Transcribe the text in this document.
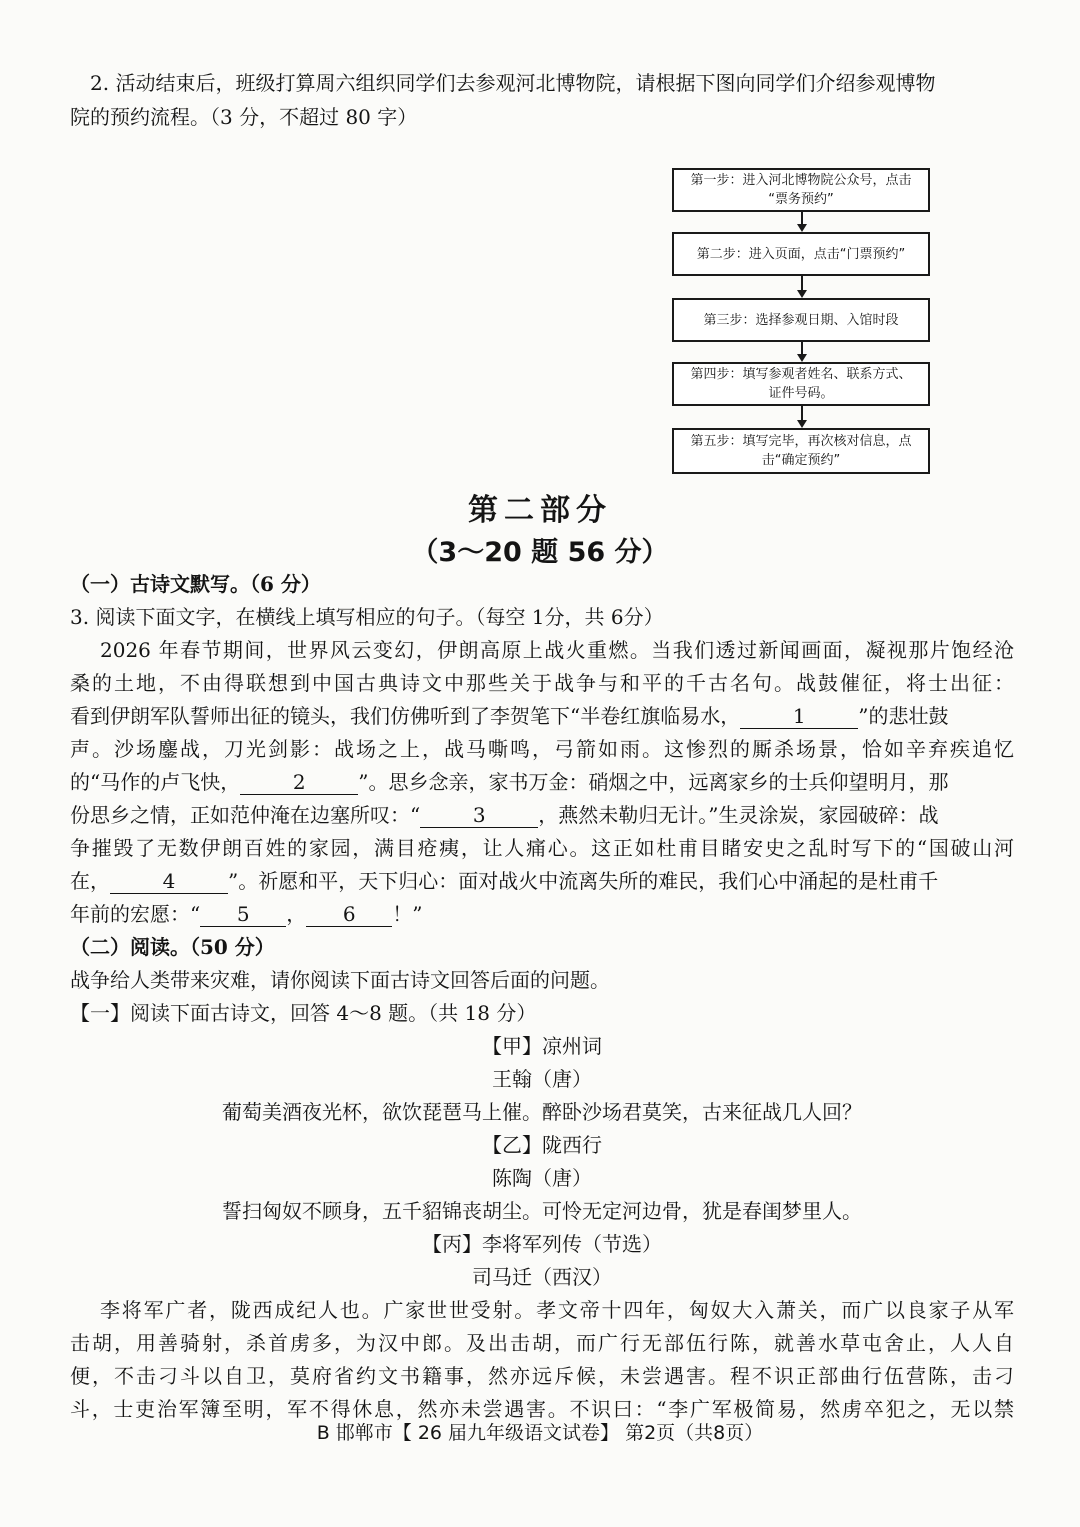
2. 活动结束后，班级打算周六组织同学们去参观河北博物院，请根据下图向同学们介绍参观博物
院的预约流程。（3 分，不超过 80 字）
第一步：进入河北博物院公众号，点击
“票务预约”
第二步：进入页面，点击“门票预约”
第三步：选择参观日期、入馆时段
第四步：填写参观者姓名、联系方式、
证件号码。
第五步：填写完毕，再次核对信息，点
击“确定预约”
第二部分
（3～20 题 56 分）
（一）古诗文默写。（6 分）
3. 阅读下面文字，在横线上填写相应的句子。（每空 1分，共 6分）
2026 年春节期间，世界风云变幻，伊朗高原上战火重燃。当我们透过新闻画面，凝视那片饱经沧
桑的土地，不由得联想到中国古典诗文中那些关于战争与和平的千古名句。战鼓催征，将士出征：
看到伊朗军队誓师出征的镜头，我们仿佛听到了李贺笔下“半卷红旗临易水，	1	”的悲壮鼓
声。沙场鏖战，刀光剑影：战场之上，战马嘶鸣，弓箭如雨。这惨烈的厮杀场景，恰如辛弃疾追忆
的“马作的卢飞快，	2	”。思乡念亲，家书万金：硝烟之中，远离家乡的士兵仰望明月，那
份思乡之情，正如范仲淹在边塞所叹：“	3	，燕然未勒归无计。”生灵涂炭，家园破碎：战
争摧毁了无数伊朗百姓的家园，满目疮痍，让人痛心。这正如杜甫目睹安史之乱时写下的“国破山河
在，	4	”。祈愿和平，天下归心：面对战火中流离失所的难民，我们心中涌起的是杜甫千
年前的宏愿：“ 5 ， 6 ！”
（二）阅读。（50 分）
战争给人类带来灾难，请你阅读下面古诗文回答后面的问题。
【一】阅读下面古诗文，回答 4～8 题。（共 18 分）
【甲】凉州词
王翰（唐）
葡萄美酒夜光杯，欲饮琵琶马上催。醉卧沙场君莫笑，古来征战几人回？
【乙】陇西行
陈陶（唐）
誓扫匈奴不顾身，五千貂锦丧胡尘。可怜无定河边骨，犹是春闺梦里人。
【丙】李将军列传（节选）
司马迁（西汉）
李将军广者，陇西成纪人也。广家世世受射。孝文帝十四年，匈奴大入萧关，而广以良家子从军
击胡，用善骑射，杀首虏多，为汉中郎。及出击胡，而广行无部伍行陈，就善水草屯舍止，人人自
便，不击刁斗以自卫，莫府省约文书籍事，然亦远斥候，未尝遇害。程不识正部曲行伍营陈，击刁
斗，士吏治军簿至明，军不得休息，然亦未尝遇害。不识曰：“李广军极简易，然虏卒犯之，无以禁
B 邯郸市【 26 届九年级语文试卷】 第2页（共8页）
